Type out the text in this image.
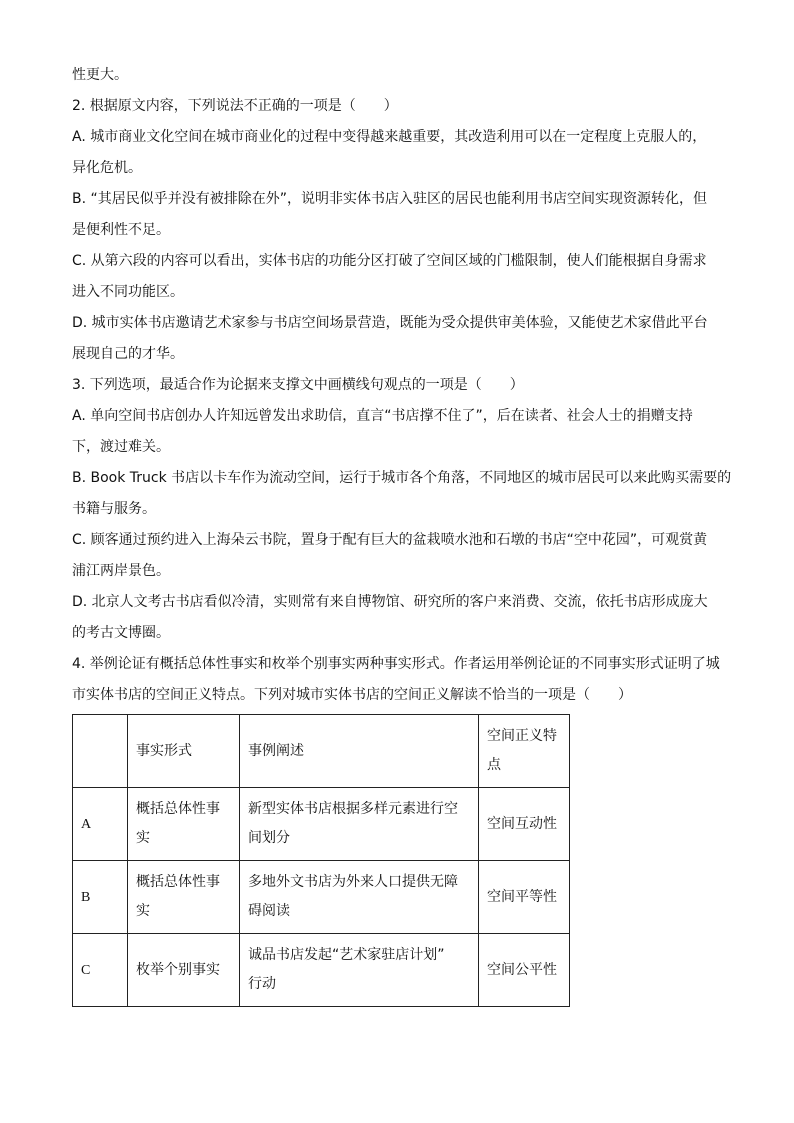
性更大。
2. 根据原文内容，下列说法不正确的一项是（　　）
A. 城市商业文化空间在城市商业化的过程中变得越来越重要，其改造利用可以在一定程度上克服人的，
异化危机。
B. “其居民似乎并没有被排除在外”，说明非实体书店入驻区的居民也能利用书店空间实现资源转化，但
是便利性不足。
C. 从第六段的内容可以看出，实体书店的功能分区打破了空间区域的门槛限制，使人们能根据自身需求
进入不同功能区。
D. 城市实体书店邀请艺术家参与书店空间场景营造，既能为受众提供审美体验，又能使艺术家借此平台
展现自己的才华。
3. 下列选项，最适合作为论据来支撑文中画横线句观点的一项是（　　）
A. 单向空间书店创办人许知远曾发出求助信，直言“书店撑不住了”，后在读者、社会人士的捐赠支持
下，渡过难关。
B. Book Truck 书店以卡车作为流动空间，运行于城市各个角落，不同地区的城市居民可以来此购买需要的
书籍与服务。
C. 顾客通过预约进入上海朵云书院，置身于配有巨大的盆栽喷水池和石墩的书店“空中花园”，可观赏黄
浦江两岸景色。
D. 北京人文考古书店看似冷清，实则常有来自博物馆、研究所的客户来消费、交流，依托书店形成庞大
的考古文博圈。
4. 举例论证有概括总体性事实和枚举个别事实两种事实形式。作者运用举例论证的不同事实形式证明了城
市实体书店的空间正义特点。下列对城市实体书店的空间正义解读不恰当的一项是（　　）

	事实形式	事例阐述	空间正义特
点

A	概括总体性事
实	新型实体书店根据多样元素进行空
间划分	空间互动性
B	概括总体性事
实	多地外文书店为外来人口提供无障
碍阅读	空间平等性
C	枚举个别事实	诚品书店发起“艺术家驻店计划”
行动	空间公平性
